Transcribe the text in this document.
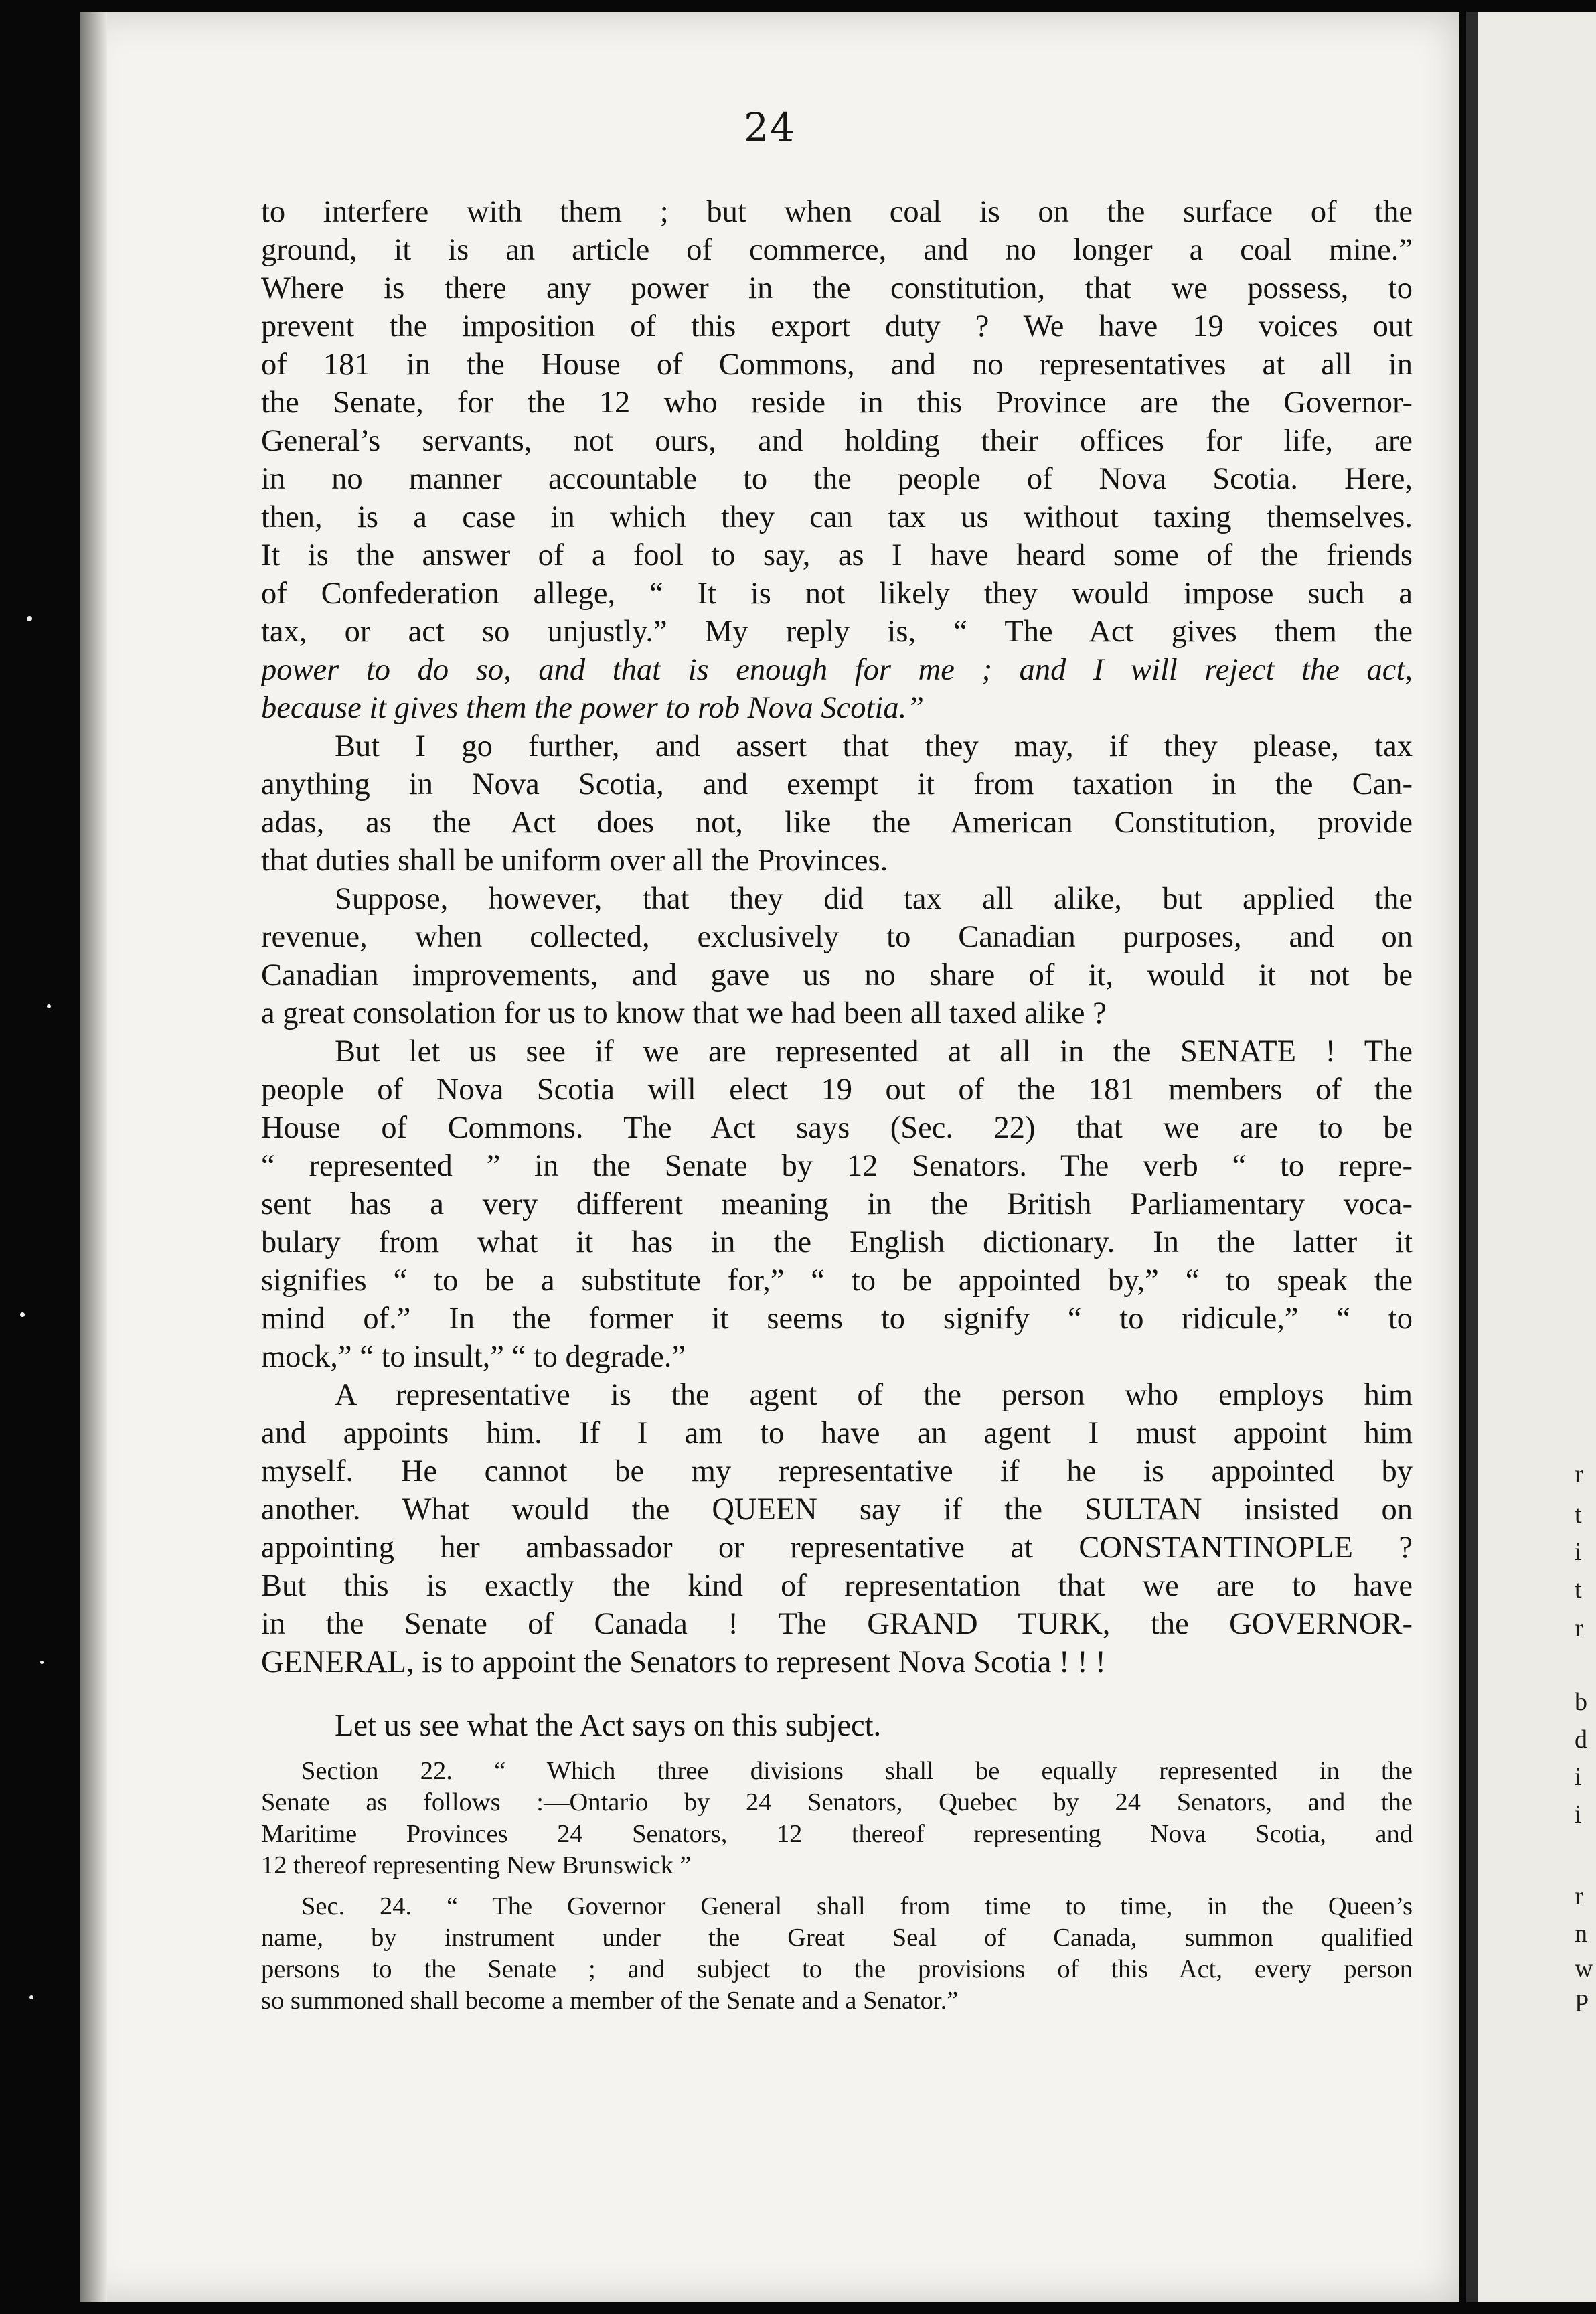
24
to interfere with them ; but when coal is on the surface of the
ground, it is an article of commerce, and no longer a coal mine.”
Where is there any power in the constitution, that we possess, to
prevent the imposition of this export duty ? We have 19 voices out
of 181 in the House of Commons, and no representatives at all in
the Senate, for the 12 who reside in this Province are the Governor-
General’s servants, not ours, and holding their offices for life, are
in no manner accountable to the people of Nova Scotia. Here,
then, is a case in which they can tax us without taxing themselves.
It is the answer of a fool to say, as I have heard some of the friends
of Confederation allege, “ It is not likely they would impose such a
tax, or act so unjustly.” My reply is, “ The Act gives them the
power to do so, and that is enough for me ; and I will reject the act,
because it gives them the power to rob Nova Scotia.”
But I go further, and assert that they may, if they please, tax
anything in Nova Scotia, and exempt it from taxation in the Can-
adas, as the Act does not, like the American Constitution, provide
that duties shall be uniform over all the Provinces.
Suppose, however, that they did tax all alike, but applied the
revenue, when collected, exclusively to Canadian purposes, and on
Canadian improvements, and gave us no share of it, would it not be
a great consolation for us to know that we had been all taxed alike ?
But let us see if we are represented at all in the SENATE ! The
people of Nova Scotia will elect 19 out of the 181 members of the
House of Commons. The Act says (Sec. 22) that we are to be
“ represented ” in the Senate by 12 Senators. The verb “ to repre-
sent has a very different meaning in the British Parliamentary voca-
bulary from what it has in the English dictionary. In the latter it
signifies “ to be a substitute for,” “ to be appointed by,” “ to speak the
mind of.” In the former it seems to signify “ to ridicule,” “ to
mock,” “ to insult,” “ to degrade.”
A representative is the agent of the person who employs him
and appoints him. If I am to have an agent I must appoint him
myself. He cannot be my representative if he is appointed by
another. What would the QUEEN say if the SULTAN insisted on
appointing her ambassador or representative at CONSTANTINOPLE ?
But this is exactly the kind of representation that we are to have
in the Senate of Canada ! The GRAND TURK, the GOVERNOR-
GENERAL, is to appoint the Senators to represent Nova Scotia ! ! !
Let us see what the Act says on this subject.
Section 22. “ Which three divisions shall be equally represented in the
Senate as follows :—Ontario by 24 Senators, Quebec by 24 Senators, and the
Maritime Provinces 24 Senators, 12 thereof representing Nova Scotia, and
12 thereof representing New Brunswick ”
Sec. 24. “ The Governor General shall from time to time, in the Queen’s
name, by instrument under the Great Seal of Canada, summon qualified
persons to the Senate ; and subject to the provisions of this Act, every person
so summoned shall become a member of the Senate and a Senator.”
r
t
i
t
r
b
d
i
i
r
n
w
P
